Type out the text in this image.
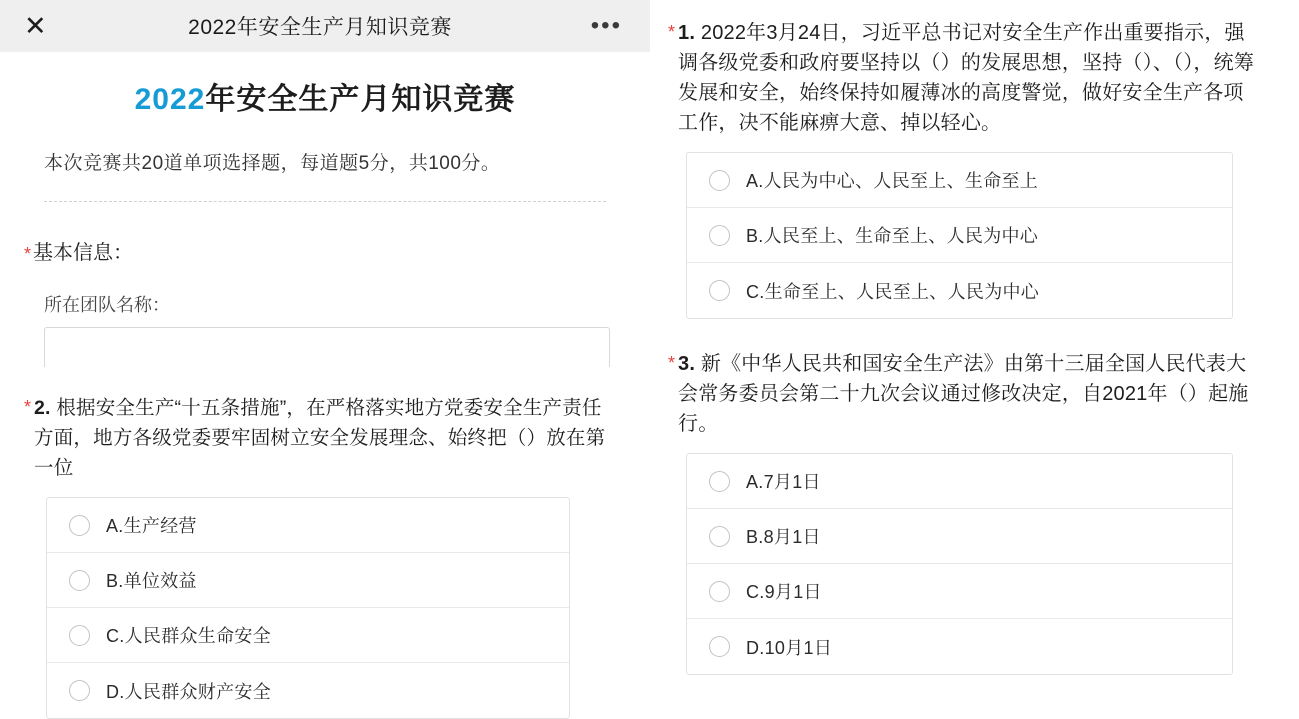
✕	2022年安全生产月知识竞赛	•••
2022年安全生产月知识竞赛
本次竞赛共20道单项选择题，每道题5分，共100分。
* 基本信息：
所在团队名称：
* 2. 根据安全生产“十五条措施”，在严格落实地方党委安全生产责任方面，地方各级党委要牢固树立安全发展理念、始终把（）放在第一位
A.生产经营
B.单位效益
C.人民群众生命安全
D.人民群众财产安全
* 1. 2022年3月24日，习近平总书记对安全生产作出重要指示，强调各级党委和政府要坚持以（）的发展思想，坚持（）、（），统筹发展和安全，始终保持如履薄冰的高度警觉，做好安全生产各项工作，决不能麻痹大意、掉以轻心。
A.人民为中心、人民至上、生命至上
B.人民至上、生命至上、人民为中心
C.生命至上、人民至上、人民为中心
* 3. 新《中华人民共和国安全生产法》由第十三届全国人民代表大会常务委员会第二十九次会议通过修改决定，自2021年（）起施行。
A.7月1日
B.8月1日
C.9月1日
D.10月1日
